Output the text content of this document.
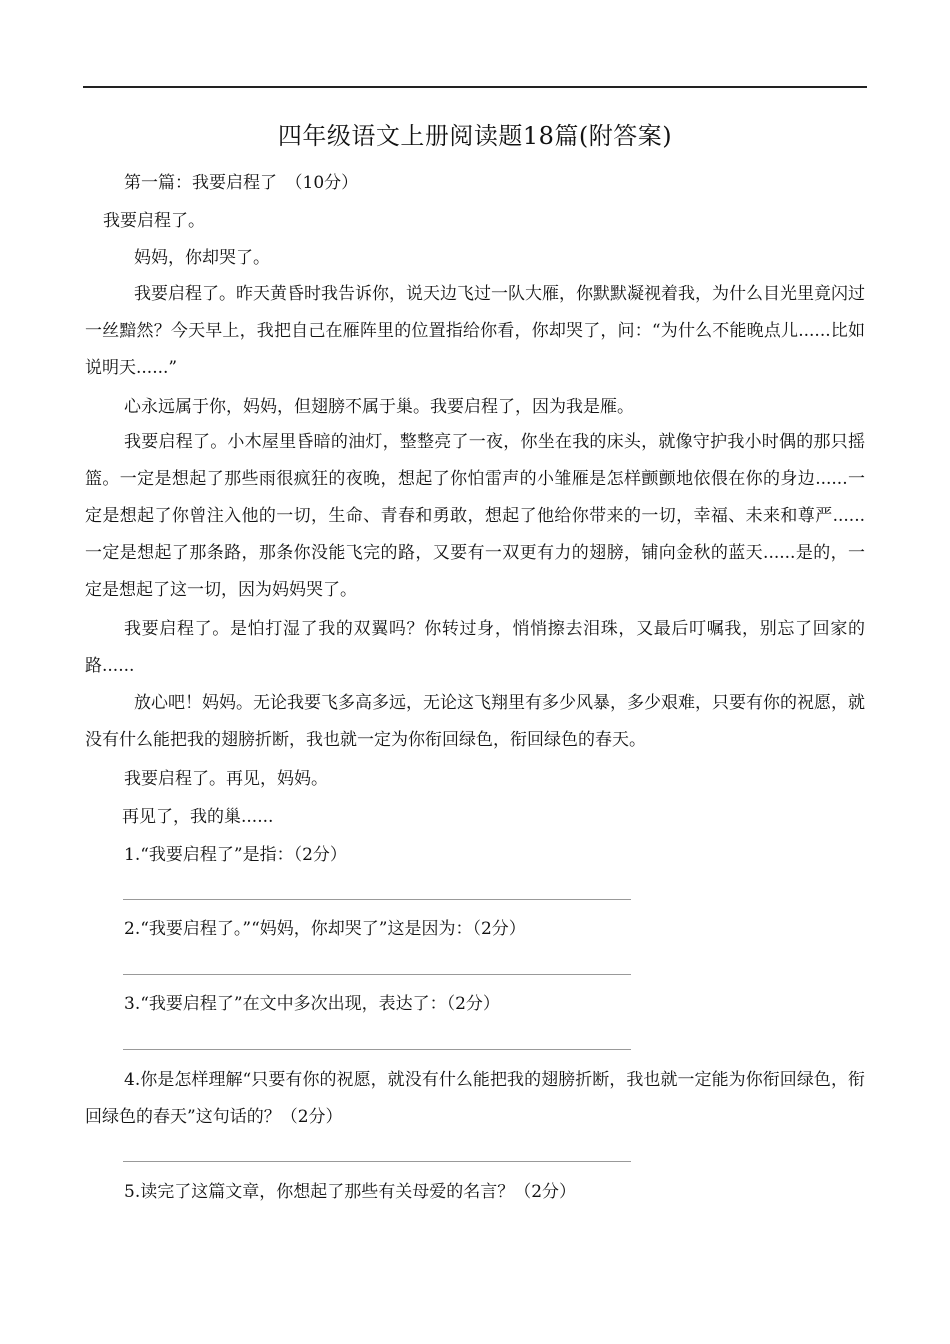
四年级语文上册阅读题18篇(附答案)
第一篇：我要启程了　（10分）
我要启程了。
妈妈，你却哭了。
我要启程了。昨天黄昏时我告诉你，说天边飞过一队大雁，你默默凝视着我，为什么目光里竟闪过一丝黯然？今天早上，我把自己在雁阵里的位置指给你看，你却哭了，问：“为什么不能晚点儿......比如说明天......”
心永远属于你，妈妈，但翅膀不属于巢。我要启程了，因为我是雁。
我要启程了。小木屋里昏暗的油灯，整整亮了一夜，你坐在我的床头，就像守护我小时偶的那只摇篮。一定是想起了那些雨很疯狂的夜晚，想起了你怕雷声的小雏雁是怎样颤颤地依偎在你的身边......一定是想起了你曾注入他的一切，生命、青春和勇敢，想起了他给你带来的一切，幸福、未来和尊严......一定是想起了那条路，那条你没能飞完的路，又要有一双更有力的翅膀，铺向金秋的蓝天......是的，一定是想起了这一切，因为妈妈哭了。
我要启程了。是怕打湿了我的双翼吗？你转过身，悄悄擦去泪珠，又最后叮嘱我，别忘了回家的路......
放心吧！妈妈。无论我要飞多高多远，无论这飞翔里有多少风暴，多少艰难，只要有你的祝愿，就没有什么能把我的翅膀折断，我也就一定为你衔回绿色，衔回绿色的春天。
我要启程了。再见，妈妈。
再见了，我的巢......
1.“我要启程了”是指：（2分）
2.“我要启程了。”“妈妈，你却哭了”这是因为：（2分）
3.“我要启程了”在文中多次出现，表达了：（2分）
4.你是怎样理解“只要有你的祝愿，就没有什么能把我的翅膀折断，我也就一定能为你衔回绿色，衔回绿色的春天”这句话的？（2分）
5.读完了这篇文章，你想起了那些有关母爱的名言？（2分）
